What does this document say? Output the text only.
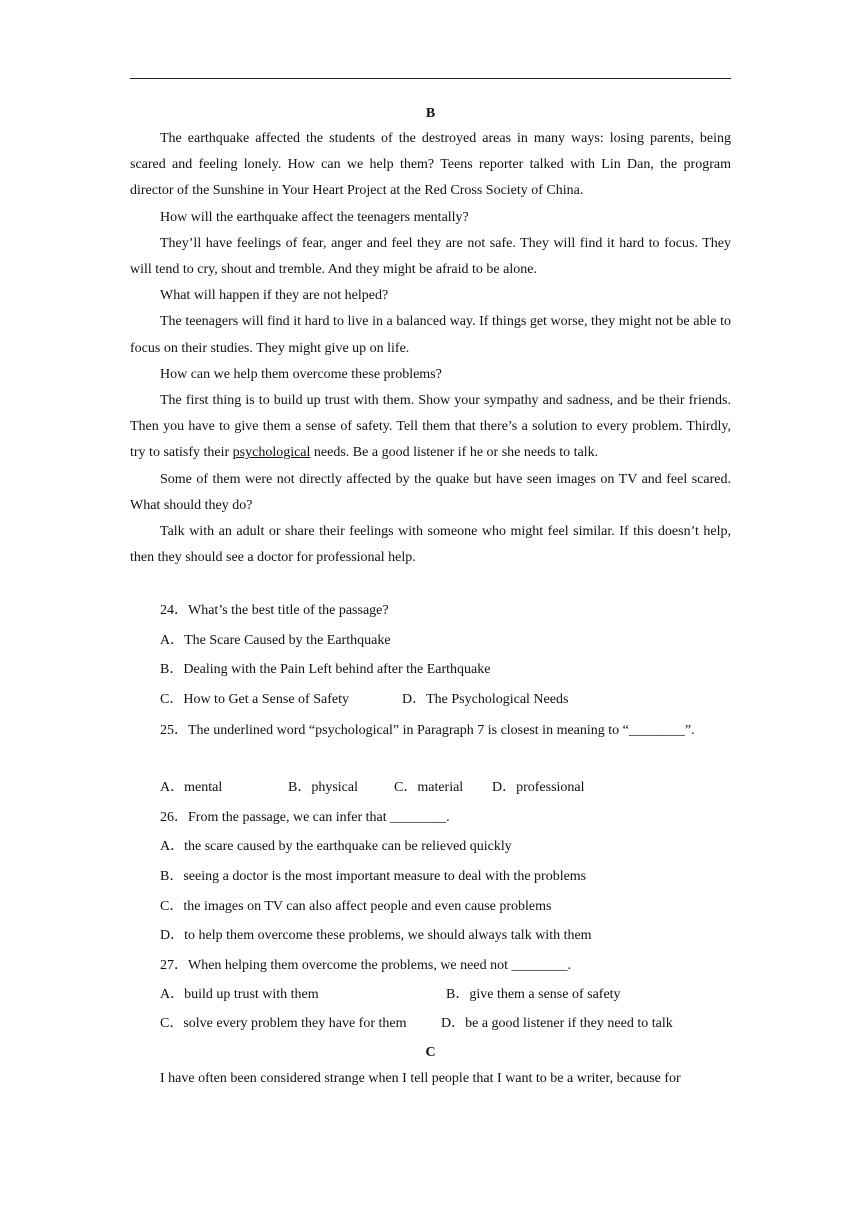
B

The earthquake affected the students of the destroyed areas in many ways: losing parents, being scared and feeling lonely. How can we help them? Teens reporter talked with Lin Dan, the program director of the Sunshine in Your Heart Project at the Red Cross Society of China.

How will the earthquake affect the teenagers mentally?

They’ll have feelings of fear, anger and feel they are not safe. They will find it hard to focus. They will tend to cry, shout and tremble. And they might be afraid to be alone.

What will happen if they are not helped?

The teenagers will find it hard to live in a balanced way. If things get worse, they might not be able to focus on their studies. They might give up on life.

How can we help them overcome these problems?

The first thing is to build up trust with them. Show your sympathy and sadness, and be their friends. Then you have to give them a sense of safety. Tell them that there’s a solution to every problem. Thirdly, try to satisfy their psychological needs. Be a good listener if he or she needs to talk.

Some of them were not directly affected by the quake but have seen images on TV and feel scared. What should they do?

Talk with an adult or share their feelings with someone who might feel similar. If this doesn’t help, then they should see a doctor for professional help.

24．What’s the best title of the passage?
A．The Scare Caused by the Earthquake
B．Dealing with the Pain Left behind after the Earthquake
C．How to Get a Sense of Safety	D．The Psychological Needs

25．The underlined word “psychological” in Paragraph 7 is closest in meaning to “________”.

A．mental	B．physical	C．material D．professional
26．From the passage, we can infer that ________.
A．the scare caused by the earthquake can be relieved quickly
B．seeing a doctor is the most important measure to deal with the problems
C．the images on TV can also affect people and even cause problems
D．to help them overcome these problems, we should always talk with them
27．When helping them overcome the problems, we need not ________.
A．build up trust with them	B．give them a sense of safety
C．solve every problem they have for them D．be a good listener if they need to talk
C

I have often been considered strange when I tell people that I want to be a writer, because for
